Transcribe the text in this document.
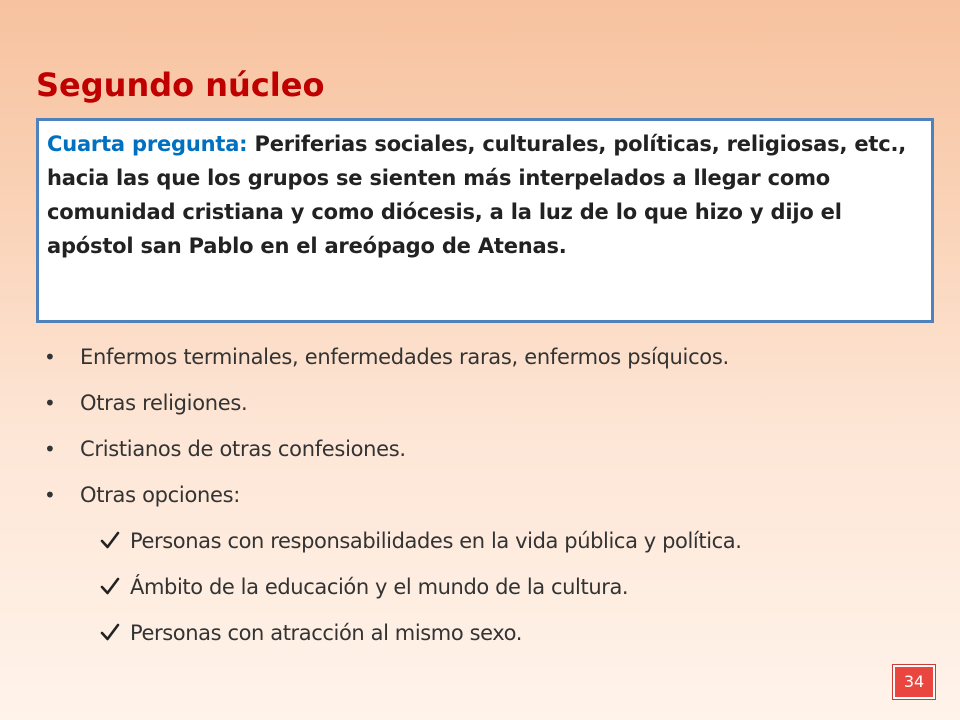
Segundo núcleo
Cuarta pregunta: Periferias sociales, culturales, políticas, religiosas, etc., hacia las que los grupos se sienten más interpelados a llegar como comunidad cristiana y como diócesis, a la luz de lo que hizo y dijo el apóstol san Pablo en el areópago de Atenas.
•	Enfermos terminales, enfermedades raras, enfermos psíquicos.
•	Otras religiones.
•	Cristianos de otras confesiones.
•	Otras opciones:
Personas con responsabilidades en la vida pública y política.
Ámbito de la educación y el mundo de la cultura.
Personas con atracción al mismo sexo.
34
